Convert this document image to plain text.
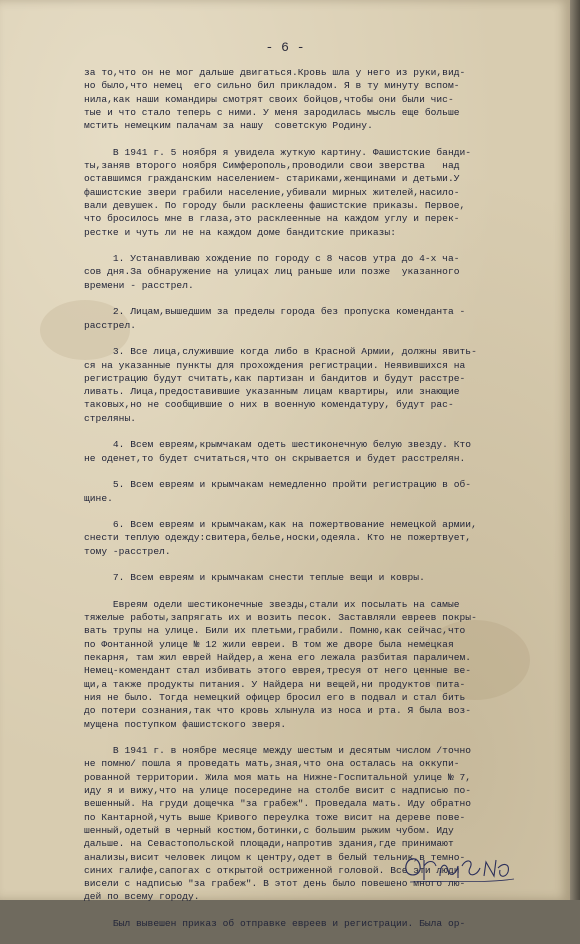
- 6 -
за то,что он не мог дальше двигаться.Кровь шла у него из руки,вид-
но было,что немец  его сильно бил прикладом. Я в ту минуту вспом-
нила,как наши командиры смотрят своих бойцов,чтобы они были чис-
тые и что стало теперь с ними. У меня зародилась мысль еще больше
мстить немецким палачам за нашу  советскую Родину.
В 1941 г. 5 ноября я увидела жуткую картину. Фашистские банди-
ты,заняв второго ноября Симферополь,проводили свои зверства   над
оставшимся гражданским населением- стариками,женщинами и детьми.У
фашистские звери грабили население,убивали мирных жителей,насило-
вали девушек. По городу были расклеены фашистские приказы. Первое,
что бросилось мне в глаза,это расклеенные на каждом углу и перек-
рестке и чуть ли не на каждом доме бандитские приказы:
1. Устанавливаю хождение по городу с 8 часов утра до 4-х ча-
сов дня.За обнаружение на улицах лиц раньше или позже  указанного
времени - расстрел.
2. Лицам,вышедшим за пределы города без пропуска коменданта -
расстрел.
3. Все лица,служившие когда либо в Красной Армии, должны явить-
ся на указанные пункты для прохождения регистрации. Неявившихся на
регистрацию будут считать,как партизан и бандитов и будут расстре-
ливать. Лица,предоставившие указанным лицам квартиры, или знающие
таковых,но не сообщившие о них в военную комендатуру, будут рас-
стреляны.
4. Всем евреям,крымчакам одеть шестиконечную белую звезду. Кто
не оденет,то будет считаться,что он скрывается и будет расстрелян.
5. Всем евреям и крымчакам немедленно пройти регистрацию в об-
щине.
6. Всем евреям и крымчакам,как на пожертвование немецкой армии,
снести теплую одежду:свитера,белье,носки,одеяла. Кто не пожертвует,
тому -расстрел.
7. Всем евреям и крымчакам снести теплые вещи и ковры.
Евреям одели шестиконечные звезды,стали их посылать на самые
тяжелые работы,запрягать их и возить песок. Заставляли евреев покры-
вать трупы на улице. Били их плетьми,грабили. Помню,как сейчас,что
по Фонтанной улице № 12 жили евреи. В том же дворе была немецкая
пекарня, там жил еврей Найдер,а жена его лежала разбитая параличем.
Немец-комендант стал избивать этого еврея,тресуя от него ценные ве-
щи,а также продукты питания. У Найдера ни вещей,ни продуктов пита-
ния не было. Тогда немецкий офицер бросил его в подвал и стал бить
до потери сознания,так что кровь хлынула из носа и рта. Я была воз-
мущена поступком фашистского зверя.
В 1941 г. в ноябре месяце между шестым и десятым числом /точно
не помню/ пошла я проведать мать,зная,что она осталась на оккупи-
рованной территории. Жила моя мать на Нижне-Госпитальной улице № 7,
иду я и вижу,что на улице посередине на столбе висит с надписью по-
вешенный. На груди дощечка "за грабеж". Проведала мать. Иду обратно
по Кантарной,чуть выше Кривого переулка тоже висит на дереве пове-
шенный,одетый в черный костюм,ботинки,с большим рыжим чубом. Иду
дальше. на Севастопольской площади,напротив здания,где принимают
анализы,висит человек лицом к центру,одет в белый тельник,в темно-
синих галифе,сапогах с открытой остриженной головой. Все эти люди
висели с надписью "за грабеж". В этот день было повешено много лю-
дей по всему городу.
Был вывешен приказ об отправке евреев и регистрации. Была ор-
